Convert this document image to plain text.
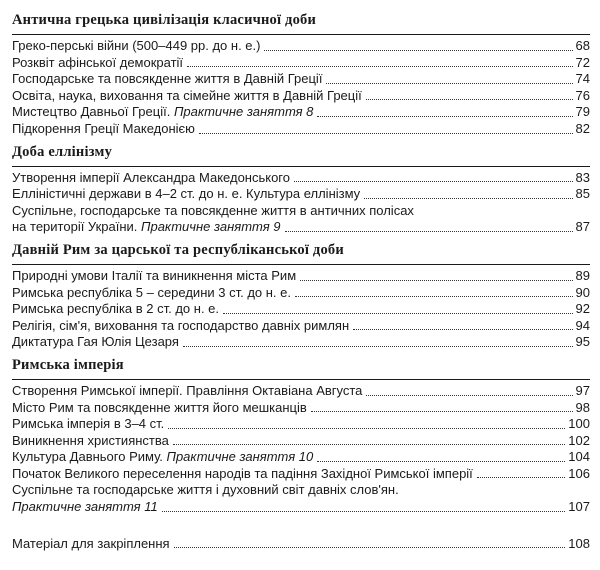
Антична грецька цивілізація класичної доби
Греко-перські війни (500–449 рр. до н. е.)	68
Розквіт афінської демократії	72
Господарське та повсякденне життя в Давній Греції	74
Освіта, наука, виховання та сімейне життя в Давній Греції	76
Мистецтво Давньої Греції. Практичне заняття 8	79
Підкорення Греції Македонією	82
Доба еллінізму
Утворення імперії Александра Македонського	83
Елліністичні держави в 4–2 ст. до н. е. Культура еллінізму	85
Суспільне, господарське та повсякденне життя в античних полісах
на території України. Практичне заняття 9	87
Давній Рим за царської та республіканської доби
Природні умови Італії та виникнення міста Рим	89
Римська республіка 5 – середини 3 ст. до н. е.	90
Римська республіка в 2 ст. до н. е.	92
Релігія, сім'я, виховання та господарство давніх римлян	94
Диктатура Гая Юлія Цезаря	95
Римська імперія
Створення Римської імперії. Правління Октавіана Августа	97
Місто Рим та повсякденне життя його мешканців	98
Римська імперія в 3–4 ст.	100
Виникнення християнства	102
Культура Давнього Риму. Практичне заняття 10	104
Початок Великого переселення народів та падіння Західної Римської імперії	106
Суспільне та господарське життя і духовний світ давніх слов'ян.
Практичне заняття 11	107
Матеріал для закріплення	108
